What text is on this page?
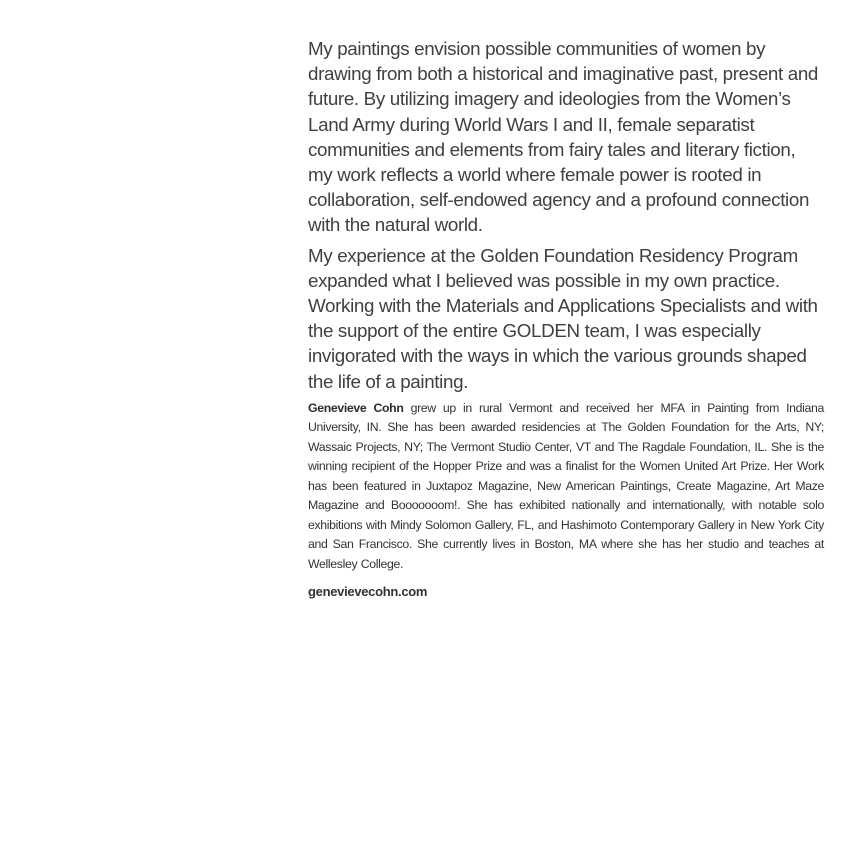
My paintings envision possible communities of women by drawing from both a historical and imaginative past, present and future. By utilizing imagery and ideologies from the Women’s Land Army during World Wars I and II, female separatist communities and elements from fairy tales and literary fiction, my work reflects a world where female power is rooted in collaboration, self-endowed agency and a profound connection with the natural world.

My experience at the Golden Foundation Residency Program expanded what I believed was possible in my own practice. Working with the Materials and Applications Specialists and with the support of the entire GOLDEN team, I was especially invigorated with the ways in which the various grounds shaped the life of a painting.

Genevieve Cohn grew up in rural Vermont and received her MFA in Painting from Indiana University, IN. She has been awarded residencies at The Golden Foundation for the Arts, NY; Wassaic Projects, NY; The Vermont Studio Center, VT and The Ragdale Foundation, IL. She is the winning recipient of the Hopper Prize and was a finalist for the Women United Art Prize. Her Work has been featured in Juxtapoz Magazine, New American Paintings, Create Magazine, Art Maze Magazine and Booooooom!. She has exhibited nationally and internationally, with notable solo exhibitions with Mindy Solomon Gallery, FL, and Hashimoto Contemporary Gallery in New York City and San Francisco. She currently lives in Boston, MA where she has her studio and teaches at Wellesley College.

genevievecohn.com
